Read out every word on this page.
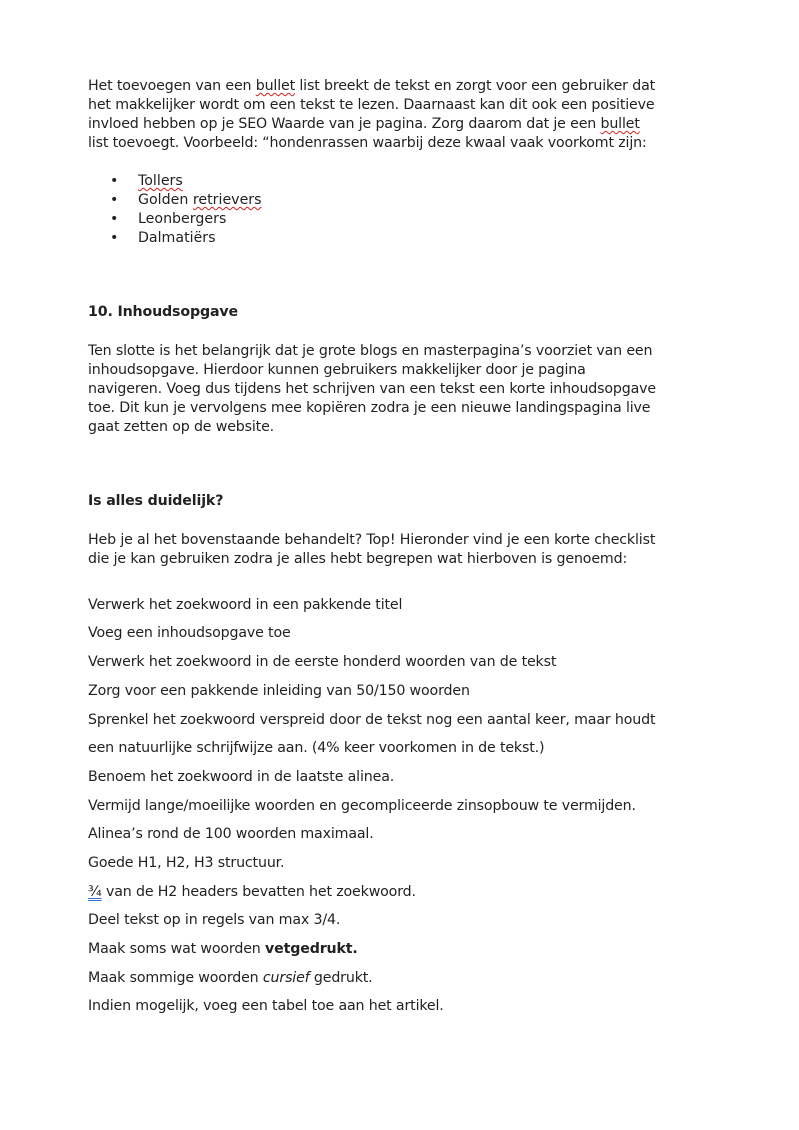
Het toevoegen van een bullet list breekt de tekst en zorgt voor een gebruiker dat
het makkelijker wordt om een tekst te lezen. Daarnaast kan dit ook een positieve
invloed hebben op je SEO Waarde van je pagina. Zorg daarom dat je een bullet
list toevoegt. Voorbeeld: “hondenrassen waarbij deze kwaal vaak voorkomt zijn:
• Tollers
• Golden retrievers
• Leonbergers
• Dalmatiërs
10. Inhoudsopgave
Ten slotte is het belangrijk dat je grote blogs en masterpagina’s voorziet van een
inhoudsopgave. Hierdoor kunnen gebruikers makkelijker door je pagina
navigeren. Voeg dus tijdens het schrijven van een tekst een korte inhoudsopgave
toe. Dit kun je vervolgens mee kopiëren zodra je een nieuwe landingspagina live
gaat zetten op de website.
Is alles duidelijk?
Heb je al het bovenstaande behandelt? Top! Hieronder vind je een korte checklist
die je kan gebruiken zodra je alles hebt begrepen wat hierboven is genoemd:
Verwerk het zoekwoord in een pakkende titel
Voeg een inhoudsopgave toe
Verwerk het zoekwoord in de eerste honderd woorden van de tekst
Zorg voor een pakkende inleiding van 50/150 woorden
Sprenkel het zoekwoord verspreid door de tekst nog een aantal keer, maar houdt
een natuurlijke schrijfwijze aan. (4% keer voorkomen in de tekst.)
Benoem het zoekwoord in de laatste alinea.
Vermijd lange/moeilijke woorden en gecompliceerde zinsopbouw te vermijden.
Alinea’s rond de 100 woorden maximaal.
Goede H1, H2, H3 structuur.
¾ van de H2 headers bevatten het zoekwoord.
Deel tekst op in regels van max 3/4.
Maak soms wat woorden vetgedrukt.
Maak sommige woorden cursief gedrukt.
Indien mogelijk, voeg een tabel toe aan het artikel.
